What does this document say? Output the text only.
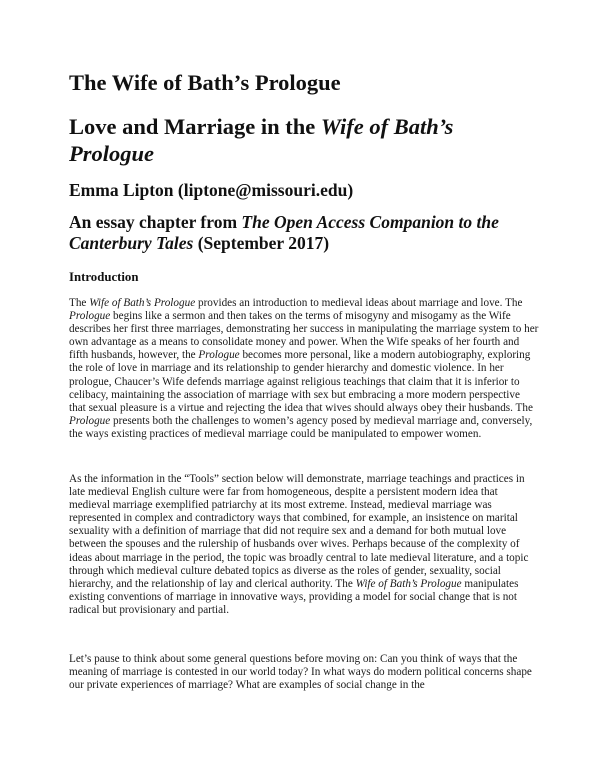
The Wife of Bath’s Prologue
Love and Marriage in the Wife of Bath’s Prologue
Emma Lipton (liptone@missouri.edu)
An essay chapter from The Open Access Companion to the Canterbury Tales (September 2017)
Introduction

The Wife of Bath’s Prologue provides an introduction to medieval ideas about marriage and love. The Prologue begins like a sermon and then takes on the terms of misogyny and misogamy as the Wife describes her first three marriages, demonstrating her success in manipulating the marriage system to her own advantage as a means to consolidate money and power. When the Wife speaks of her fourth and fifth husbands, however, the Prologue becomes more personal, like a modern autobiography, exploring the role of love in marriage and its relationship to gender hierarchy and domestic violence. In her prologue, Chaucer’s Wife defends marriage against religious teachings that claim that it is inferior to celibacy, maintaining the association of marriage with sex but embracing a more modern perspective that sexual pleasure is a virtue and rejecting the idea that wives should always obey their husbands. The Prologue presents both the challenges to women’s agency posed by medieval marriage and, conversely, the ways existing practices of medieval marriage could be manipulated to empower women.

As the information in the “Tools” section below will demonstrate, marriage teachings and practices in late medieval English culture were far from homogeneous, despite a persistent modern idea that medieval marriage exemplified patriarchy at its most extreme. Instead, medieval marriage was represented in complex and contradictory ways that combined, for example, an insistence on marital sexuality with a definition of marriage that did not require sex and a demand for both mutual love between the spouses and the rulership of husbands over wives. Perhaps because of the complexity of ideas about marriage in the period, the topic was broadly central to late medieval literature, and a topic through which medieval culture debated topics as diverse as the roles of gender, sexuality, social hierarchy, and the relationship of lay and clerical authority. The Wife of Bath’s Prologue manipulates existing conventions of marriage in innovative ways, providing a model for social change that is not radical but provisionary and partial.

Let’s pause to think about some general questions before moving on: Can you think of ways that the meaning of marriage is contested in our world today? In what ways do modern political concerns shape our private experiences of marriage? What are examples of social change in the
